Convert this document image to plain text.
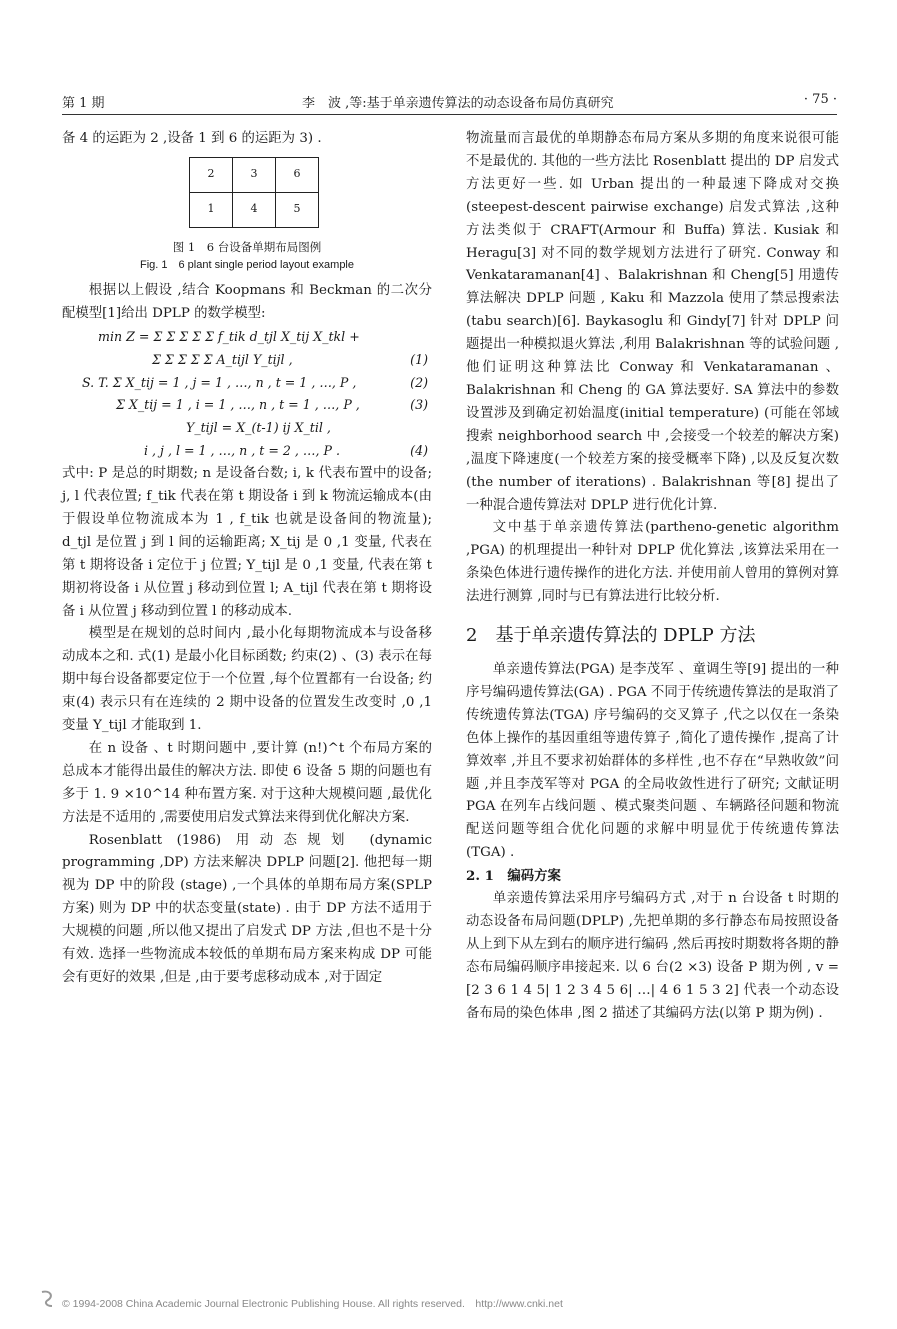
第 1 期	李　波 ,等:基于单亲遗传算法的动态设备布局仿真研究	· 75 ·

备 4 的运距为 2 ,设备 1 到 6 的运距为 3) .

2	3	6
1	4	5
图 1　6 台设备单期布局图例
Fig. 1　6 plant single period layout example

根据以上假设 ,结合 Koopmans 和 Beckman 的二次分配模型[1]给出 DPLP 的数学模型:

min Z = Σ Σ Σ Σ Σ f_tik d_tjl X_tij X_tkl +
Σ Σ Σ Σ Σ A_tijl Y_tijl ,	(1)
S. T. Σ X_tij = 1 , j = 1 , …, n , t = 1 , …, P ,	(2)
Σ X_tij = 1 , i = 1 , …, n , t = 1 , …, P ,	(3)
Y_tijl = X_(t-1) ij X_til ,
i , j , l = 1 , …, n , t = 2 , …, P .	(4)

式中: P 是总的时期数; n 是设备台数; i, k 代表布置中的设备; j, l 代表位置; f_tik 代表在第 t 期设备 i 到 k 物流运输成本(由于假设单位物流成本为 1 , f_tik 也就是设备间的物流量); d_tjl 是位置 j 到 l 间的运输距离; X_tij 是 0 ,1 变量, 代表在第 t 期将设备 i 定位于 j 位置; Y_tijl 是 0 ,1 变量, 代表在第 t 期初将设备 i 从位置 j 移动到位置 l; A_tijl 代表在第 t 期将设备 i 从位置 j 移动到位置 l 的移动成本.

模型是在规划的总时间内 ,最小化每期物流成本与设备移动成本之和. 式(1) 是最小化目标函数; 约束(2) 、(3) 表示在每期中每台设备都要定位于一个位置 ,每个位置都有一台设备; 约束(4) 表示只有在连续的 2 期中设备的位置发生改变时 ,0 ,1 变量 Y_tijl 才能取到 1.

在 n 设备 、t 时期问题中 ,要计算 (n!)^t 个布局方案的总成本才能得出最佳的解决方法. 即使 6 设备 5 期的问题也有多于 1. 9 ×10^14 种布置方案. 对于这种大规模问题 ,最优化方法是不适用的 ,需要使用启发式算法来得到优化解决方案.

Rosenblatt (1986) 用动态规划 (dynamic programming ,DP) 方法来解决 DPLP 问题[2]. 他把每一期视为 DP 中的阶段 (stage) ,一个具体的单期布局方案(SPLP 方案) 则为 DP 中的状态变量(state) . 由于 DP 方法不适用于大规模的问题 ,所以他又提出了启发式 DP 方法 ,但也不是十分有效. 选择一些物流成本较低的单期布局方案来构成 DP 可能会有更好的效果 ,但是 ,由于要考虑移动成本 ,对于固定

物流量而言最优的单期静态布局方案从多期的角度来说很可能不是最优的. 其他的一些方法比 Rosenblatt 提出的 DP 启发式方法更好一些. 如 Urban 提出的一种最速下降成对交换(steepest-descent pairwise exchange) 启发式算法 ,这种方法类似于 CRAFT(Armour 和 Buffa) 算法. Kusiak 和 Heragu[3] 对不同的数学规划方法进行了研究. Conway 和 Venkataramanan[4] 、Balakrishnan 和 Cheng[5] 用遗传算法解决 DPLP 问题 , Kaku 和 Mazzola 使用了禁忌搜索法 (tabu search)[6]. Baykasoglu 和 Gindy[7] 针对 DPLP 问题提出一种模拟退火算法 ,利用 Balakrishnan 等的试验问题 ,他们证明这种算法比 Conway 和 Venkataramanan 、Balakrishnan 和 Cheng 的 GA 算法要好. SA 算法中的参数设置涉及到确定初始温度(initial temperature) (可能在邻域搜索 neighborhood search 中 ,会接受一个较差的解决方案) ,温度下降速度(一个较差方案的接受概率下降) ,以及反复次数(the number of iterations) . Balakrishnan 等[8] 提出了一种混合遗传算法对 DPLP 进行优化计算.

文中基于单亲遗传算法(partheno-genetic algorithm ,PGA) 的机理提出一种针对 DPLP 优化算法 ,该算法采用在一条染色体进行遗传操作的进化方法. 并使用前人曾用的算例对算法进行测算 ,同时与已有算法进行比较分析.

2　基于单亲遗传算法的 DPLP 方法

单亲遗传算法(PGA) 是李茂军 、童调生等[9] 提出的一种序号编码遗传算法(GA) . PGA 不同于传统遗传算法的是取消了传统遗传算法(TGA) 序号编码的交叉算子 ,代之以仅在一条染色体上操作的基因重组等遗传算子 ,简化了遗传操作 ,提高了计算效率 ,并且不要求初始群体的多样性 ,也不存在“早熟收敛”问题 ,并且李茂军等对 PGA 的全局收敛性进行了研究; 文献证明 PGA 在列车占线问题 、模式聚类问题 、车辆路径问题和物流配送问题等组合优化问题的求解中明显优于传统遗传算法(TGA) .

2. 1　编码方案

单亲遗传算法采用序号编码方式 ,对于 n 台设备 t 时期的动态设备布局问题(DPLP) ,先把单期的多行静态布局按照设备从上到下从左到右的顺序进行编码 ,然后再按时期数将各期的静态布局编码顺序串接起来. 以 6 台(2 ×3) 设备 P 期为例 , v = [2 3 6 1 4 5| 1 2 3 4 5 6| …| 4 6 1 5 3 2] 代表一个动态设备布局的染色体串 ,图 2 描述了其编码方法(以第 P 期为例) .

© 1994-2008 China Academic Journal Electronic Publishing House. All rights reserved.　http://www.cnki.net
